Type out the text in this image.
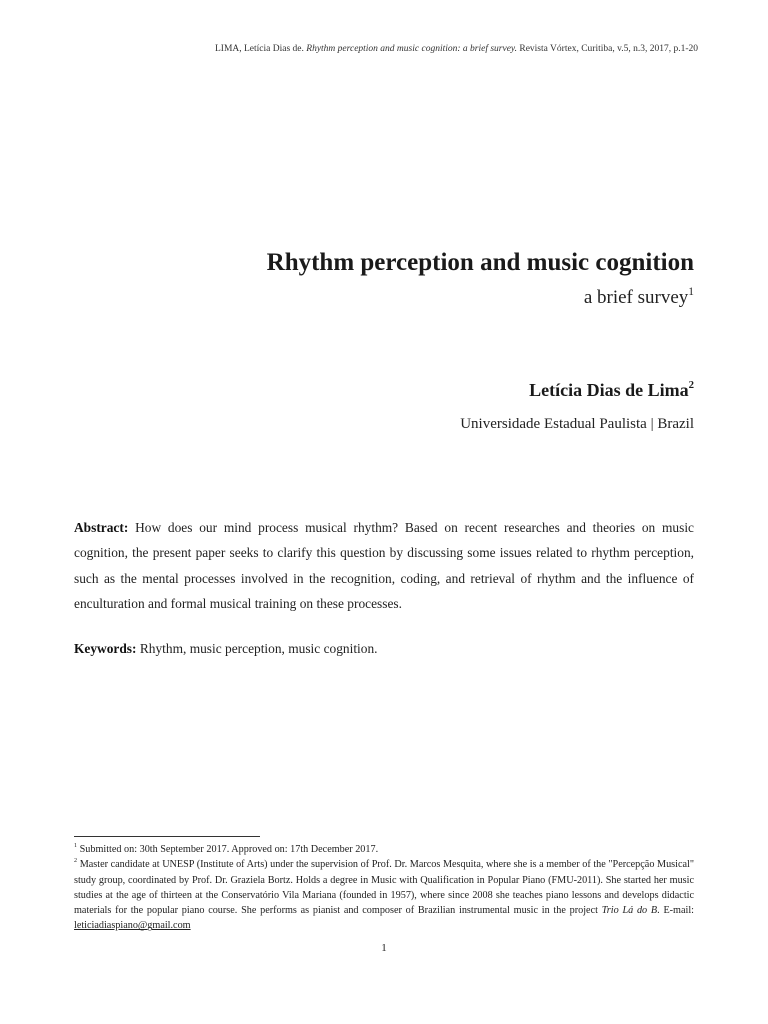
LIMA, Letícia Dias de. Rhythm perception and music cognition: a brief survey. Revista Vórtex, Curitiba, v.5, n.3, 2017, p.1-20
Rhythm perception and music cognition
a brief survey$^1$
Letícia Dias de Lima$^2$
Universidade Estadual Paulista | Brazil
Abstract: How does our mind process musical rhythm? Based on recent researches and theories on music cognition, the present paper seeks to clarify this question by discussing some issues related to rhythm perception, such as the mental processes involved in the recognition, coding, and retrieval of rhythm and the influence of enculturation and formal musical training on these processes.
Keywords: Rhythm, music perception, music cognition.

$^1$ Submitted on: 30th September 2017. Approved on: 17th December 2017.

$^2$ Master candidate at UNESP (Institute of Arts) under the supervision of Prof. Dr. Marcos Mesquita, where she is a member of the "Percepção Musical" study group, coordinated by Prof. Dr. Graziela Bortz. Holds a degree in Music with Qualification in Popular Piano (FMU-2011). She started her music studies at the age of thirteen at the Conservatório Vila Mariana (founded in 1957), where since 2008 she teaches piano lessons and develops didactic materials for the popular piano course. She performs as pianist and composer of Brazilian instrumental music in the project Trio Lá do B. E-mail: leticiadiaspiano@gmail.com

1
